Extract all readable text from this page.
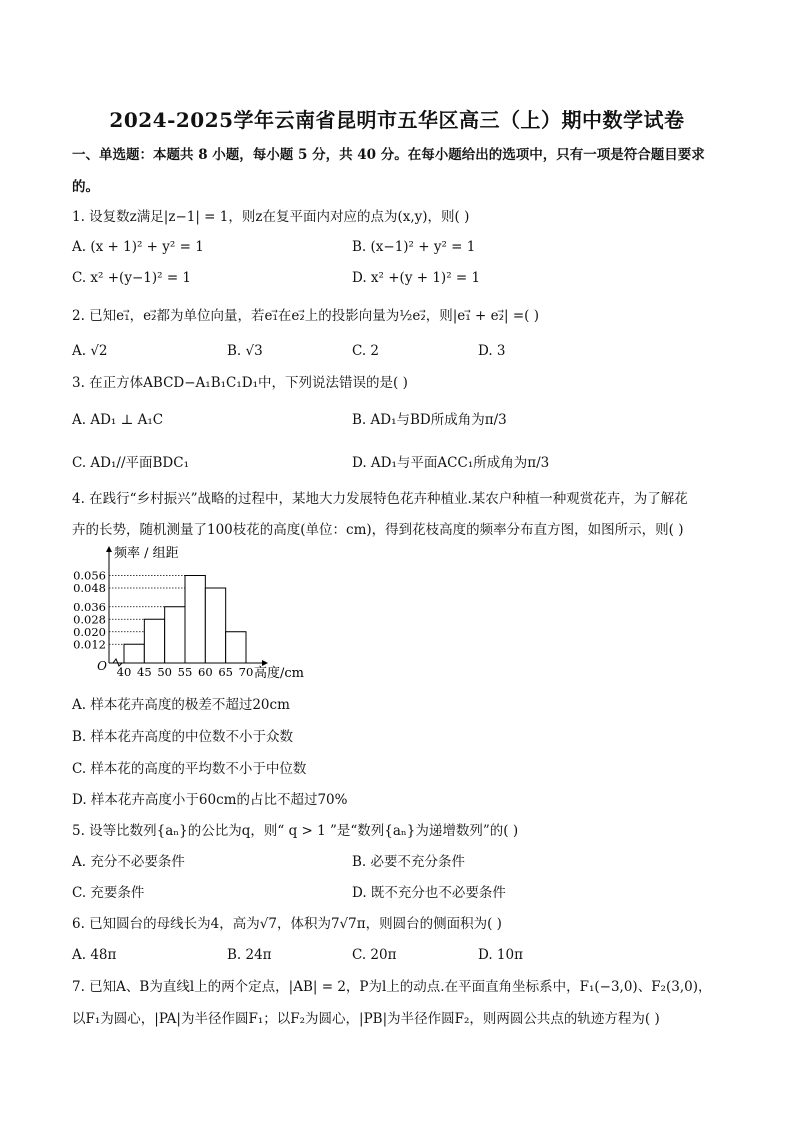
2024-2025学年云南省昆明市五华区高三（上）期中数学试卷
一、单选题：本题共 8 小题，每小题 5 分，共 40 分。在每小题给出的选项中，只有一项是符合题目要求
的。
1. 设复数z满足|z−1| = 1，则z在复平面内对应的点为(x,y)，则( )
A. (x + 1)² + y² = 1	B. (x−1)² + y² = 1
C. x² +(y−1)² = 1	D. x² +(y + 1)² = 1
2. 已知e₁⃗，e₂⃗都为单位向量，若e₁⃗在e₂⃗上的投影向量为½e₂⃗，则|e₁⃗ + e₂⃗| =( )
A. √2	B. √3	C. 2	D. 3
3. 在正方体ABCD−A₁B₁C₁D₁中，下列说法错误的是( )
A. AD₁ ⊥ A₁C	B. AD₁与BD所成角为π/3
C. AD₁//平面BDC₁	D. AD₁与平面ACC₁所成角为π/3
4. 在践行“乡村振兴”战略的过程中，某地大力发展特色花卉种植业.某农户种植一种观赏花卉，为了解花
卉的长势，随机测量了100枝花的高度(单位：cm)，得到花枝高度的频率分布直方图，如图所示，则( )
0.056
0.048
0.036
0.028
0.020
0.012
40 45 50 55 60 65 70
O
频率 / 组距
高度/cm
A. 样本花卉高度的极差不超过20cm
B. 样本花卉高度的中位数不小于众数
C. 样本花的高度的平均数不小于中位数
D. 样本花卉高度小于60cm的占比不超过70%
5. 设等比数列{aₙ}的公比为q，则“ q > 1 ”是“数列{aₙ}为递增数列”的( )
A. 充分不必要条件	B. 必要不充分条件
C. 充要条件	D. 既不充分也不必要条件
6. 已知圆台的母线长为4，高为√7，体积为7√7π，则圆台的侧面积为( )
A. 48π	B. 24π	C. 20π	D. 10π
7. 已知A、B为直线l上的两个定点，|AB| = 2，P为l上的动点.在平面直角坐标系中，F₁(−3,0)、F₂(3,0)，
以F₁为圆心，|PA|为半径作圆F₁；以F₂为圆心，|PB|为半径作圆F₂，则两圆公共点的轨迹方程为( )
